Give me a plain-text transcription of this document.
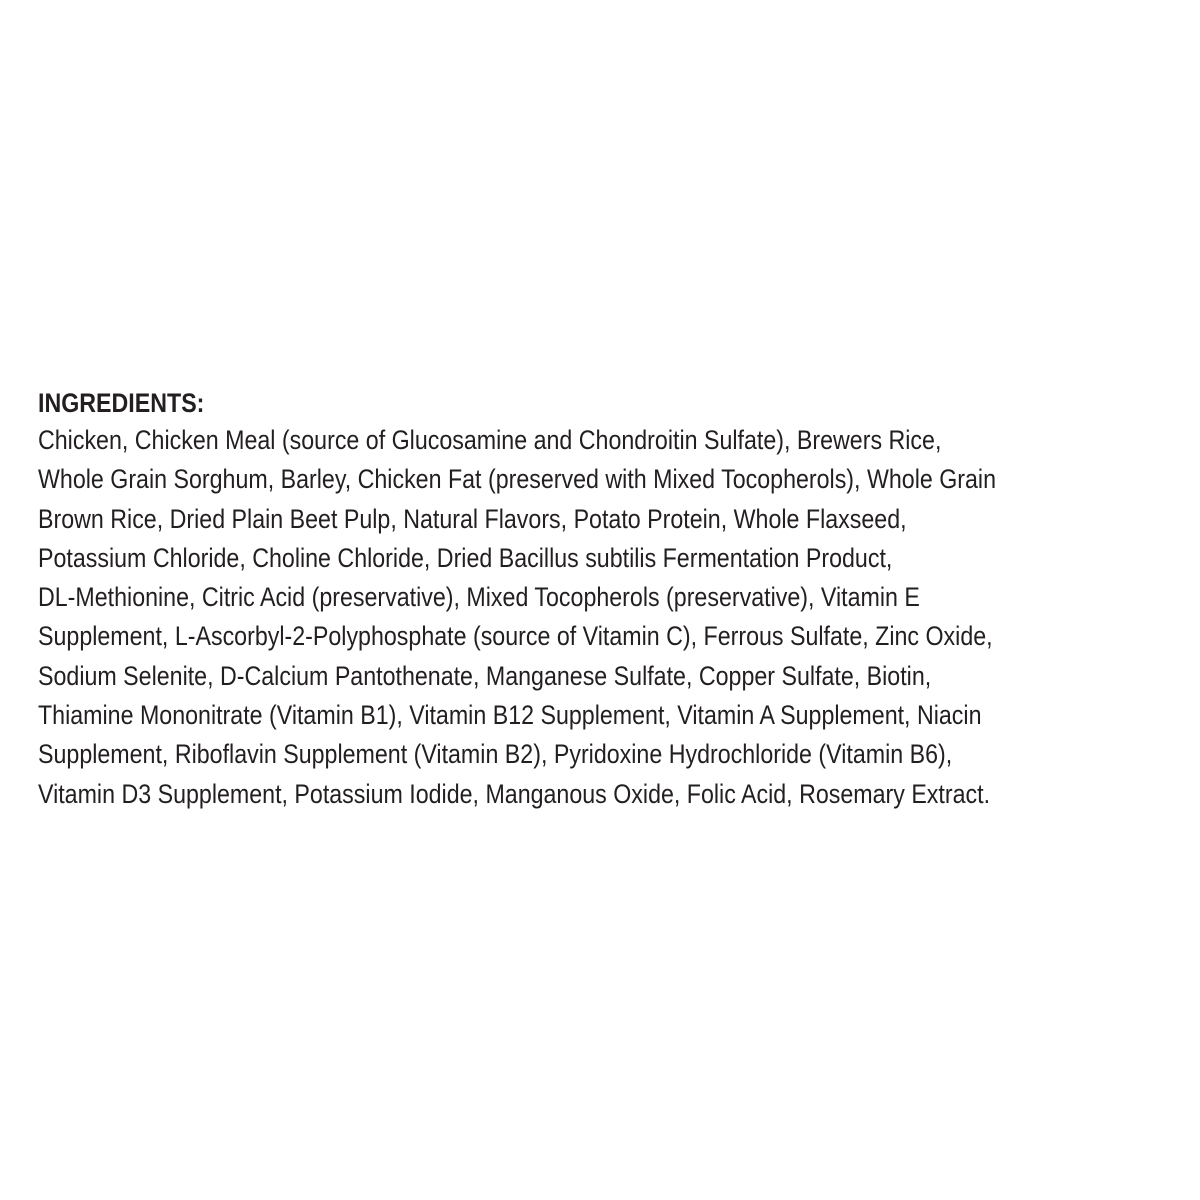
INGREDIENTS:
Chicken, Chicken Meal (source of Glucosamine and Chondroitin Sulfate), Brewers Rice,
Whole Grain Sorghum, Barley, Chicken Fat (preserved with Mixed Tocopherols), Whole Grain
Brown Rice, Dried Plain Beet Pulp, Natural Flavors, Potato Protein, Whole Flaxseed,
Potassium Chloride, Choline Chloride, Dried Bacillus subtilis Fermentation Product,
DL-Methionine, Citric Acid (preservative), Mixed Tocopherols (preservative), Vitamin E
Supplement, L-Ascorbyl-2-Polyphosphate (source of Vitamin C), Ferrous Sulfate, Zinc Oxide,
Sodium Selenite, D-Calcium Pantothenate, Manganese Sulfate, Copper Sulfate, Biotin,
Thiamine Mononitrate (Vitamin B1), Vitamin B12 Supplement, Vitamin A Supplement, Niacin
Supplement, Riboflavin Supplement (Vitamin B2), Pyridoxine Hydrochloride (Vitamin B6),
Vitamin D3 Supplement, Potassium Iodide, Manganous Oxide, Folic Acid, Rosemary Extract.
